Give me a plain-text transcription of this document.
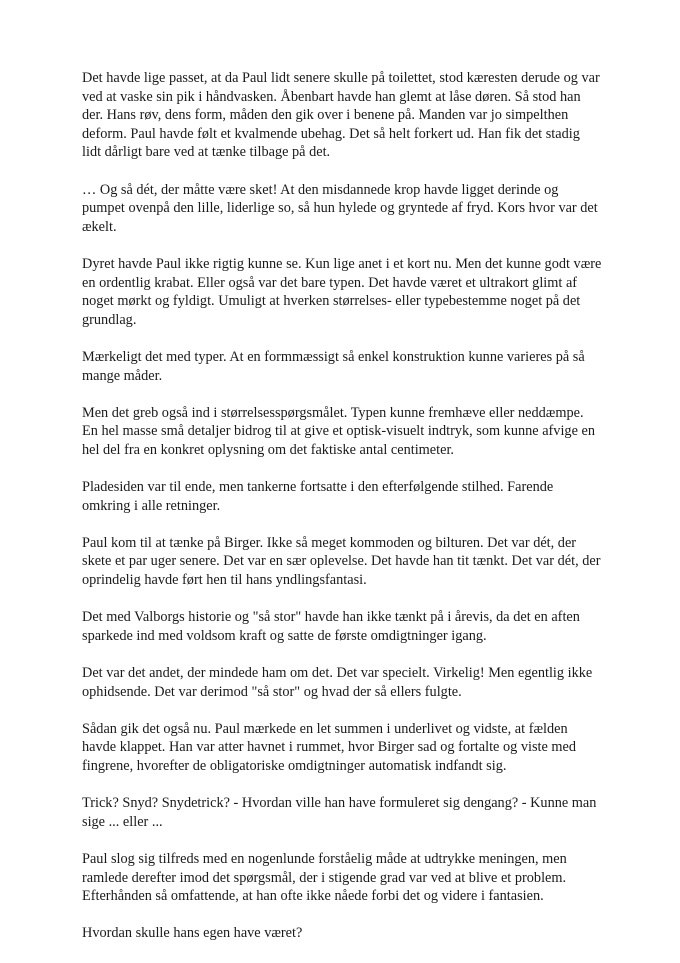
Det havde lige passet, at da Paul lidt senere skulle på toilettet, stod kæresten derude og var ved at vaske sin pik i håndvasken. Åbenbart havde han glemt at låse døren. Så stod han der. Hans røv, dens form, måden den gik over i benene på. Manden var jo simpelthen deform. Paul havde følt et kvalmende ubehag. Det så helt forkert ud. Han fik det stadig lidt dårligt bare ved at tænke tilbage på det.

… Og så dét, der måtte være sket! At den misdannede krop havde ligget derinde og pumpet ovenpå den lille, liderlige so, så hun hylede og gryntede af fryd. Kors hvor var det ækelt.

Dyret havde Paul ikke rigtig kunne se. Kun lige anet i et kort nu. Men det kunne godt være en ordentlig krabat. Eller også var det bare typen. Det havde været et ultrakort glimt af noget mørkt og fyldigt. Umuligt at hverken størrelses- eller typebestemme noget på det grundlag.

Mærkeligt det med typer. At en formmæssigt så enkel konstruktion kunne varieres på så mange måder.

Men det greb også ind i størrelsesspørgsmålet. Typen kunne fremhæve eller neddæmpe. En hel masse små detaljer bidrog til at give et optisk-visuelt indtryk, som kunne afvige en hel del fra en konkret oplysning om det faktiske antal centimeter.

Pladesiden var til ende, men tankerne fortsatte i den efterfølgende stilhed. Farende omkring i alle retninger.

Paul kom til at tænke på Birger. Ikke så meget kommoden og bilturen. Det var dét, der skete et par uger senere. Det var en sær oplevelse. Det havde han tit tænkt. Det var dét, der oprindelig havde ført hen til hans yndlingsfantasi.

Det med Valborgs historie og "så stor" havde han ikke tænkt på i årevis, da det en aften sparkede ind med voldsom kraft og satte de første omdigtninger igang.

Det var det andet, der mindede ham om det. Det var specielt. Virkelig! Men egentlig ikke ophidsende. Det var derimod "så stor" og hvad der så ellers fulgte.

Sådan gik det også nu. Paul mærkede en let summen i underlivet og vidste, at fælden havde klappet. Han var atter havnet i rummet, hvor Birger sad og fortalte og viste med fingrene, hvorefter de obligatoriske omdigtninger automatisk indfandt sig.

Trick? Snyd? Snydetrick? - Hvordan ville han have formuleret sig dengang? - Kunne man sige ... eller ...

Paul slog sig tilfreds med en nogenlunde forståelig måde at udtrykke meningen, men ramlede derefter imod det spørgsmål, der i stigende grad var ved at blive et problem. Efterhånden så omfattende, at han ofte ikke nåede forbi det og videre i fantasien.

Hvordan skulle hans egen have været?
